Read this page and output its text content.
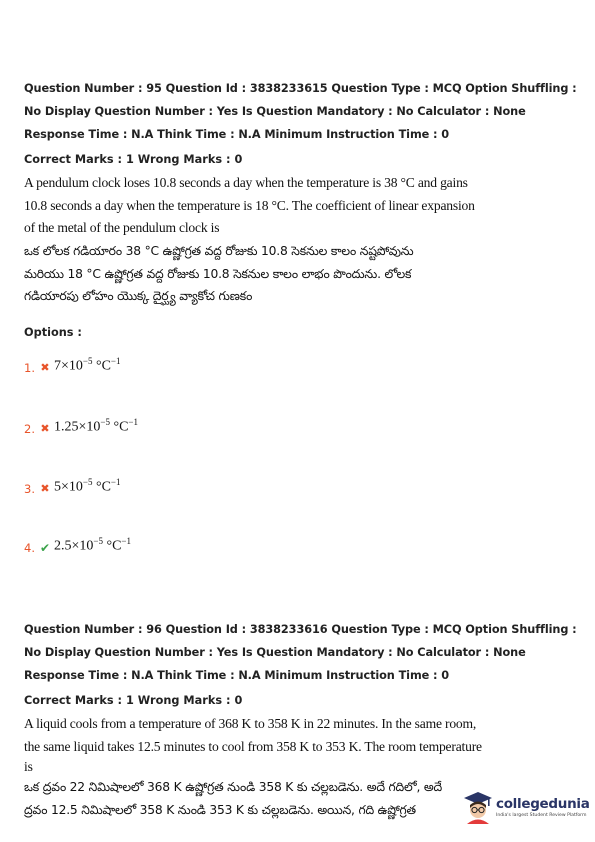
Question Number : 95 Question Id : 3838233615 Question Type : MCQ Option Shuffling : No Display Question Number : Yes Is Question Mandatory : No Calculator : None Response Time : N.A Think Time : N.A Minimum Instruction Time : 0
Correct Marks : 1 Wrong Marks : 0
A pendulum clock loses 10.8 seconds a day when the temperature is 38 °C and gains
10.8 seconds a day when the temperature is 18 °C. The coefficient of linear expansion
of the metal of the pendulum clock is
ఒక లోలక గడియారం 38 °C ఉష్ణోగ్రత వద్ద రోజుకు 10.8 సెకనుల కాలం నష్టపోవును
మరియు 18 °C ఉష్ణోగ్రత వద్ద రోజుకు 10.8 సెకనుల కాలం లాభం పొందును. లోలక
గడియారపు లోహం యొక్క దైర్ఘ్య వ్యాకోచ గుణకం
Options :
1. ✖ $7\times 10^{-5}$ $^\circ C^{-1}$
2. ✖ $1.25\times 10^{-5}$ $^\circ C^{-1}$
3. ✖ $5\times 10^{-5}$ $^\circ C^{-1}$
4. ✔ $2.5\times 10^{-5}$ $^\circ C^{-1}$
Question Number : 96 Question Id : 3838233616 Question Type : MCQ Option Shuffling : No Display Question Number : Yes Is Question Mandatory : No Calculator : None Response Time : N.A Think Time : N.A Minimum Instruction Time : 0
Correct Marks : 1 Wrong Marks : 0
A liquid cools from a temperature of 368 K to 358 K in 22 minutes. In the same room,
the same liquid takes 12.5 minutes to cool from 358 K to 353 K. The room temperature
is
ఒక ద్రవం 22 నిమిషాలలో 368 K ఉష్ణోగ్రత నుండి 358 K కు చల్లబడెను. అదే గదిలో, అదే
ద్రవం 12.5 నిమిషాలలో 358 K నుండి 353 K కు చల్లబడెను. అయిన, గది ఉష్ణోగ్రత	collegedunia
India's largest Student Review Platform
